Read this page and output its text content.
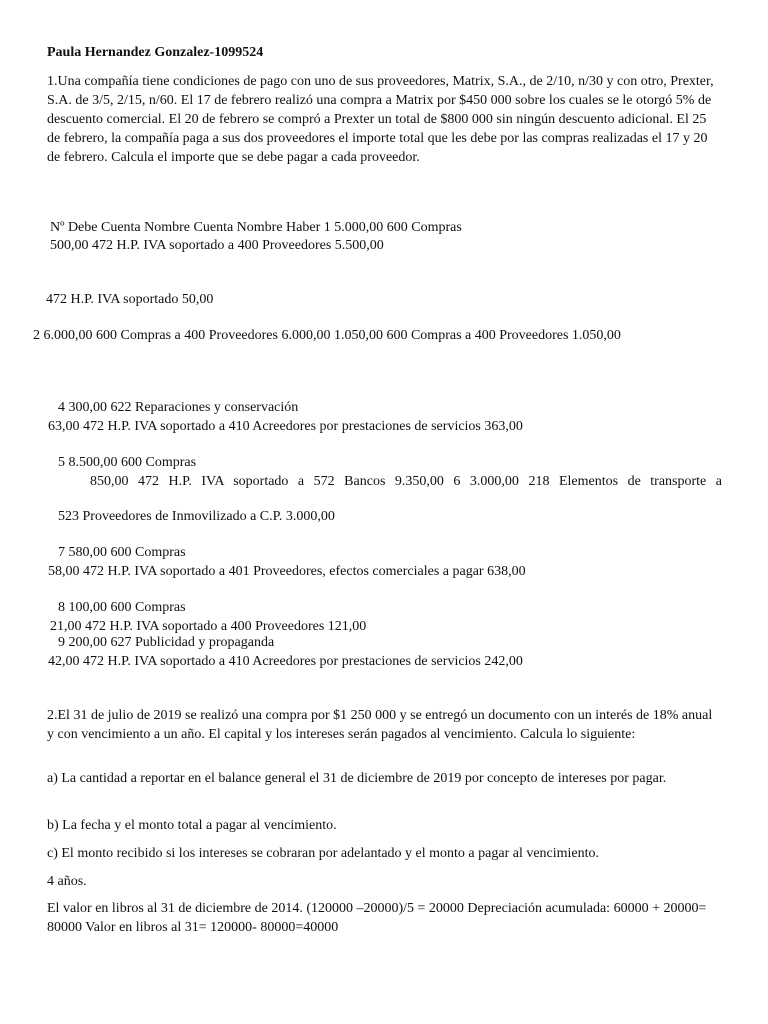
Paula Hernandez Gonzalez-1099524

1.Una compañía tiene condiciones de pago con uno de sus proveedores, Matrix, S.A., de 2/10, n/30 y con otro, Prexter, S.A. de 3/5, 2/15, n/60. El 17 de febrero realizó una compra a Matrix por $450 000 sobre los cuales se le otorgó 5% de descuento comercial. El 20 de febrero se compró a Prexter un total de $800 000 sin ningún descuento adicional. El 25 de febrero, la compañía paga a sus dos proveedores el importe total que les debe por las compras realizadas el 17 y 20 de febrero. Calcula el importe que se debe pagar a cada proveedor.

Nº Debe Cuenta Nombre Cuenta Nombre Haber 1 5.000,00 600 Compras

500,00 472 H.P. IVA soportado a 400 Proveedores 5.500,00

472 H.P. IVA soportado 50,00

2 6.000,00 600 Compras a 400 Proveedores 6.000,00 1.050,00 600 Compras a 400 Proveedores 1.050,00

4 300,00 622 Reparaciones y conservación

63,00 472 H.P. IVA soportado a 410 Acreedores por prestaciones de servicios 363,00

5 8.500,00 600 Compras

850,00 472 H.P. IVA soportado a 572 Bancos 9.350,00 6 3.000,00 218 Elementos de transporte a

523 Proveedores de Inmovilizado a C.P. 3.000,00

7 580,00 600 Compras

58,00 472 H.P. IVA soportado a 401 Proveedores, efectos comerciales a pagar 638,00

8 100,00 600 Compras

21,00 472 H.P. IVA soportado a 400 Proveedores 121,00

9 200,00 627 Publicidad y propaganda

42,00 472 H.P. IVA soportado a 410 Acreedores por prestaciones de servicios 242,00

2.El 31 de julio de 2019 se realizó una compra por $1 250 000 y se entregó un documento con un interés de 18% anual y con vencimiento a un año. El capital y los intereses serán pagados al vencimiento. Calcula lo siguiente:

a) La cantidad a reportar en el balance general el 31 de diciembre de 2019 por concepto de intereses por pagar.

b) La fecha y el monto total a pagar al vencimiento.

c) El monto recibido si los intereses se cobraran por adelantado y el monto a pagar al vencimiento.

4 años.

El valor en libros al 31 de diciembre de 2014. (120000 –20000)/5 = 20000 Depreciación acumulada: 60000 + 20000= 80000 Valor en libros al 31= 120000- 80000=40000
